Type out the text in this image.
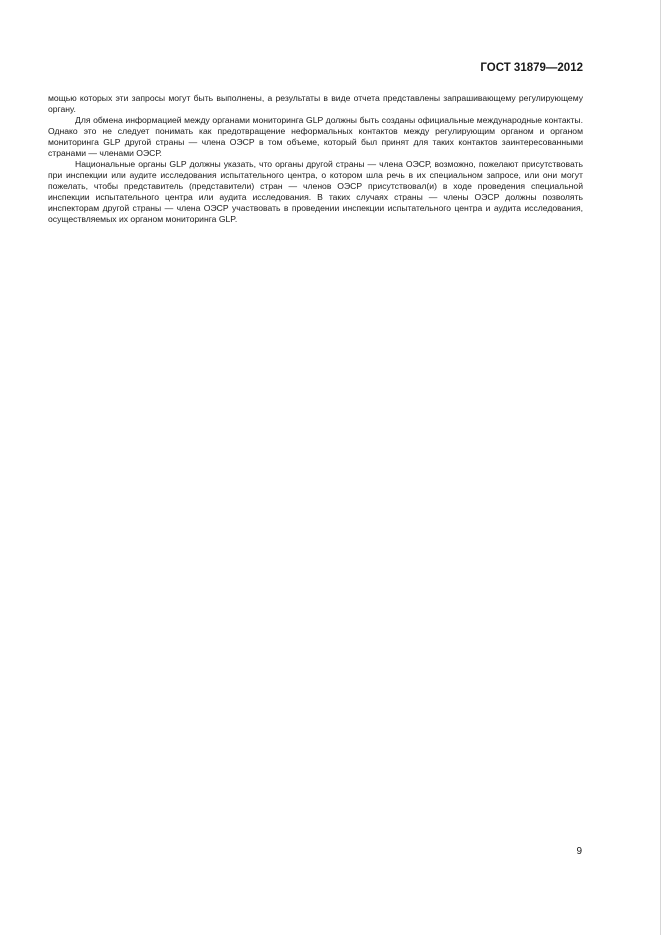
ГОСТ 31879—2012

мощью которых эти запросы могут быть выполнены, а результаты в виде отчета представлены запрашивающему регулирующему органу.

Для обмена информацией между органами мониторинга GLP должны быть созданы официальные международные контакты. Однако это не следует понимать как предотвращение неформальных контактов между регулирующим органом и органом мониторинга GLP другой страны — члена ОЭСР в том объеме, который был принят для таких контактов заинтересованными странами — членами ОЭСР.

Национальные органы GLP должны указать, что органы другой страны — члена ОЭСР, возможно, пожелают присутствовать при инспекции или аудите исследования испытательного центра, о котором шла речь в их специальном запросе, или они могут пожелать, чтобы представитель (представители) стран — членов ОЭСР присутствовал(и) в ходе проведения специальной инспекции испытательного центра или аудита исследования. В таких случаях страны — члены ОЭСР должны позволять инспекторам другой страны — члена ОЭСР участвовать в проведении инспекции испытательного центра и аудита исследования, осуществляемых их органом мониторинга GLP.

9
